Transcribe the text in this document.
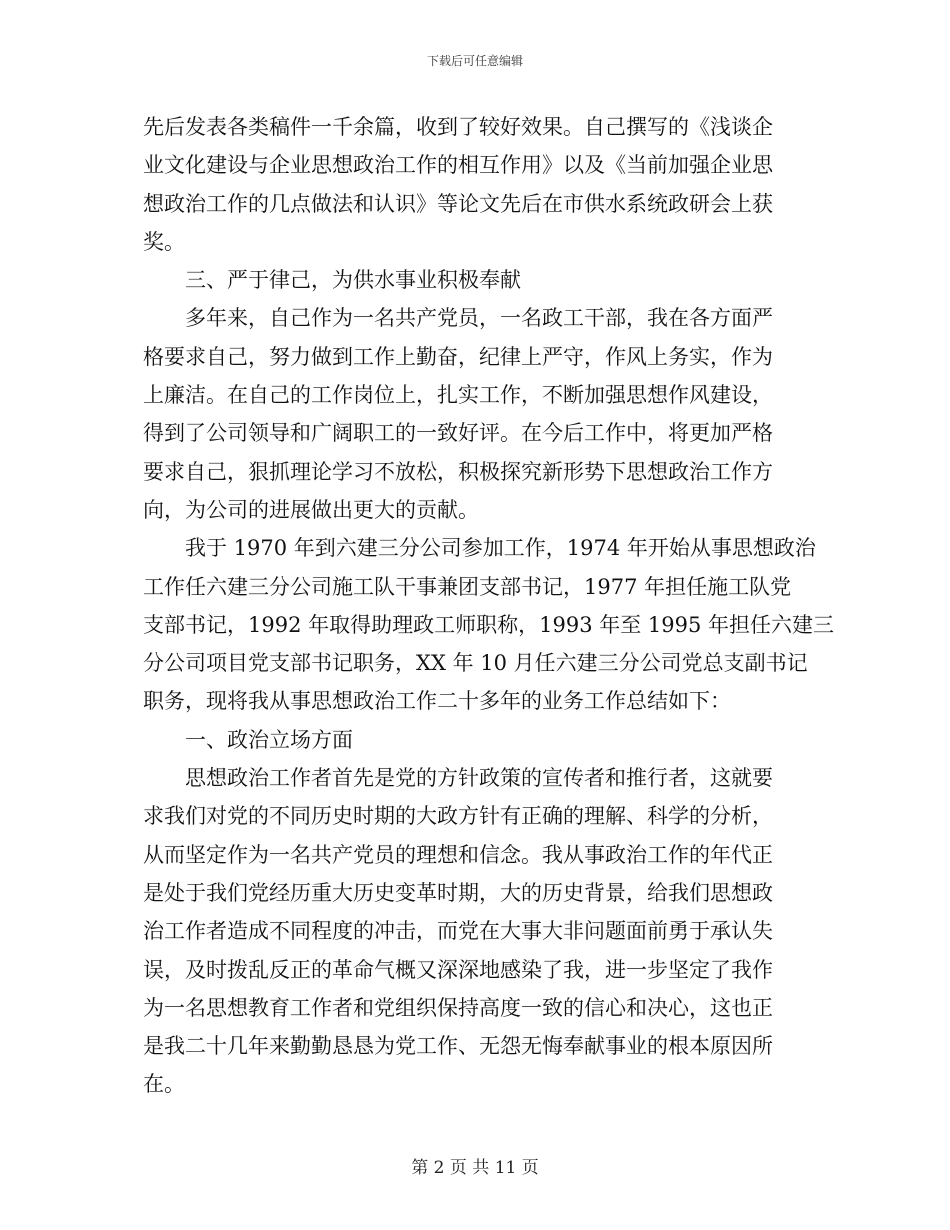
下载后可任意编辑
先后发表各类稿件一千余篇，收到了较好效果。自己撰写的《浅谈企
业文化建设与企业思想政治工作的相互作用》以及《当前加强企业思
想政治工作的几点做法和认识》等论文先后在市供水系统政研会上获
奖。
三、严于律己，为供水事业积极奉献
多年来，自己作为一名共产党员，一名政工干部，我在各方面严
格要求自己，努力做到工作上勤奋，纪律上严守，作风上务实，作为
上廉洁。在自己的工作岗位上，扎实工作，不断加强思想作风建设，
得到了公司领导和广阔职工的一致好评。在今后工作中，将更加严格
要求自己，狠抓理论学习不放松，积极探究新形势下思想政治工作方
向，为公司的进展做出更大的贡献。
我于 1970 年到六建三分公司参加工作，1974 年开始从事思想政治
工作任六建三分公司施工队干事兼团支部书记，1977 年担任施工队党
支部书记，1992 年取得助理政工师职称，1993 年至 1995 年担任六建三
分公司项目党支部书记职务，XX 年 10 月任六建三分公司党总支副书记
职务，现将我从事思想政治工作二十多年的业务工作总结如下：
一、政治立场方面
思想政治工作者首先是党的方针政策的宣传者和推行者，这就要
求我们对党的不同历史时期的大政方针有正确的理解、科学的分析，
从而坚定作为一名共产党员的理想和信念。我从事政治工作的年代正
是处于我们党经历重大历史变革时期，大的历史背景，给我们思想政
治工作者造成不同程度的冲击，而党在大事大非问题面前勇于承认失
误，及时拨乱反正的革命气概又深深地感染了我，进一步坚定了我作
为一名思想教育工作者和党组织保持高度一致的信心和决心，这也正
是我二十几年来勤勤恳恳为党工作、无怨无悔奉献事业的根本原因所
在。
第 2 页 共 11 页
